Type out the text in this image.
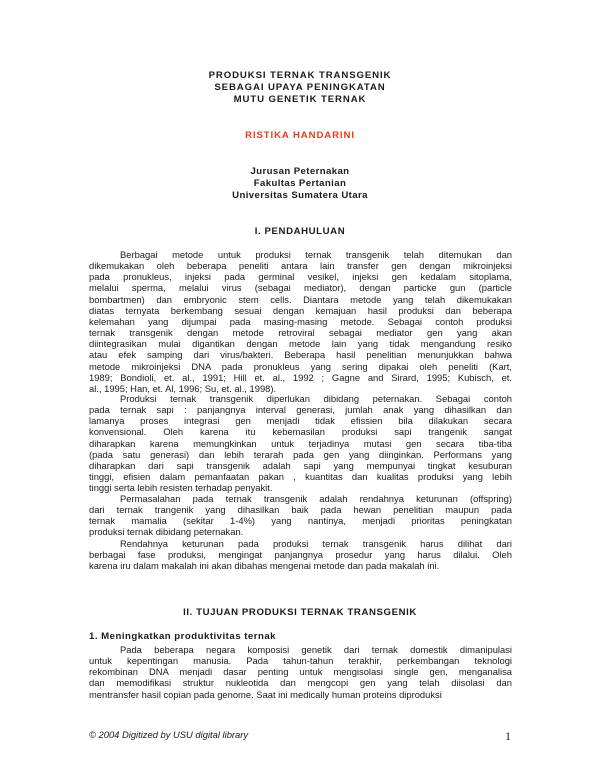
PRODUKSI TERNAK TRANSGENIK
SEBAGAI UPAYA PENINGKATAN
MUTU GENETIK TERNAK
RISTIKA HANDARINI
Jurusan Peternakan
Fakultas Pertanian
Universitas Sumatera Utara
I. PENDAHULUAN
Berbagai metode untuk produksi ternak transgenik telah ditemukan dan
dikemukakan oleh beberapa peneliti antara lain transfer gen dengan mikroinjeksi
pada pronukleus, injeksi pada germinal vesikel, injeksi gen kedalam sitoplama,
melalui sperma, melalui virus (sebagai mediator), dengan particke gun (particle
bombartmen) dan embryonic stem cells. Diantara metode yang telah dikemukakan
diatas ternyata berkembang sesuai dengan kemajuan hasil produksi dan beberapa
kelemahan yang dijumpai pada masing-masing metode. Sebagai contoh produksi
ternak transgenik dengan metode retroviral sebagai mediator gen yang akan
diintegrasikan mulai digantikan dengan metode lain yang tidak mengandung resiko
atau efek samping dari virus/bakteri. Beberapa hasil penelitian menunjukkan bahwa
metode mikroinjeksi DNA pada pronukleus yang sering dipakai oleh peneliti (Kart,
1989; Bondioli, et. al., 1991; Hill et. al., 1992 ; Gagne and Sirard, 1995; Kubisch, et.
al., 1995; Han, et. Al, 1996; Su, et. al., 1998).
Produksi ternak transgenik diperlukan dibidang peternakan. Sebagai contoh
pada ternak sapi : panjangnya interval generasi, jumlah anak yang dihasilkan dan
lamanya proses integrasi gen menjadi tidak efissien bila dilakukan secara
konvensional. Oleh karena itu kebemasilan produksi sapi trangenik sangat
diharapkan karena memungkinkan untuk terjadinya mutasi gen secara tiba-tiba
(pada satu generasi) dan lebih terarah pada gen yang diinginkan. Performans yang
diharapkan dari sapi transgenik adalah sapi yang mempunyai tingkat kesuburan
tinggi, efisien dalam pemanfaatan pakan , kuantitas dan kualitas produksi yang lebih
tinggi serta lebih resisten terhadap penyakit.
Permasalahan pada ternak transgenik adalah rendahnya keturunan (offspring)
dari ternak trangenik yang dihasilkan baik pada hewan penelitian maupun pada
ternak mamalia (sekitar 1-4%) yang nantinya, menjadi prioritas peningkatan
produksi ternak dibidang peternakan.
Rendahnya keturunan pada produksi ternak transgenik harus dilihat dari
berbagai fase produksi, mengingat panjangnya prosedur yang harus dilalui. Oleh
karena iru dalam makalah ini akan dibahas mengenai metode dan pada makalah ini.
II. TUJUAN PRODUKSI TERNAK TRANSGENIK
1. Meningkatkan produktivitas ternak
Pada beberapa negara komposisi genetik dari ternak domestik dimanipulasi
untuk kepentingan manusia. Pada tahun-tahun terakhir, perkembangan teknologi
rekombinan DNA menjadi dasar penting untuk mengisolasi single gen, menganalisa
dan memodifikasi struktur nukleotida dan mengcopi gen yang telah diisolasi dan
mentransfer hasil copian pada genome. Saat ini medically human proteins diproduksi
© 2004 Digitized by USU digital library	1
